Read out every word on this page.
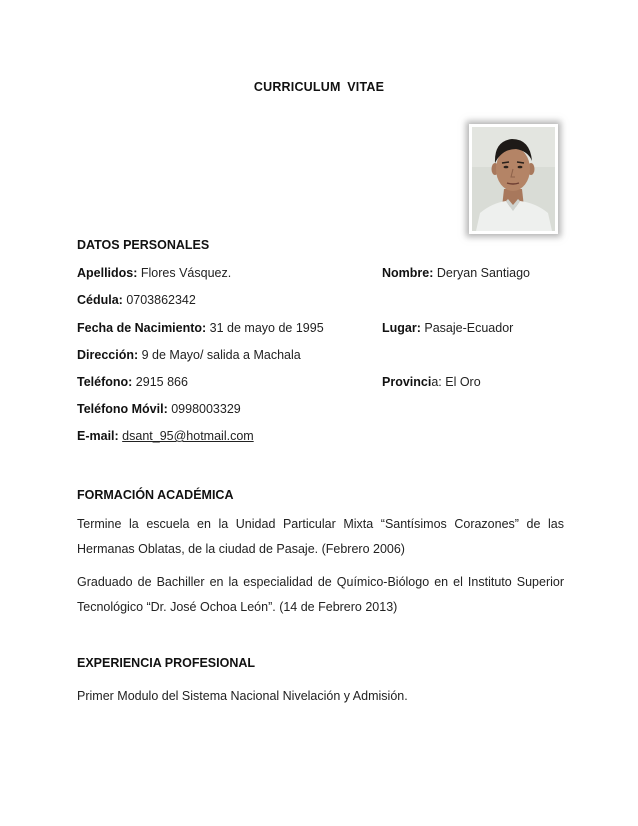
CURRICULUM VITAE
DATOS PERSONALES
Apellidos: Flores Vásquez.	Nombre: Deryan Santiago
Cédula: 0703862342
Fecha de Nacimiento: 31 de mayo de 1995	Lugar: Pasaje-Ecuador
Dirección: 9 de Mayo/ salida a Machala
Teléfono: 2915 866	Provincia: El Oro
Teléfono Móvil: 0998003329
E-mail: dsant_95@hotmail.com
FORMACIÓN ACADÉMICA
Termine la escuela en la Unidad Particular Mixta “Santísimos Corazones” de las Hermanas Oblatas, de la ciudad de Pasaje. (Febrero 2006)
Graduado de Bachiller en la especialidad de Químico-Biólogo en el Instituto Superior Tecnológico “Dr. José Ochoa León”. (14 de Febrero 2013)
EXPERIENCIA PROFESIONAL
Primer Modulo del Sistema Nacional Nivelación y Admisión.
